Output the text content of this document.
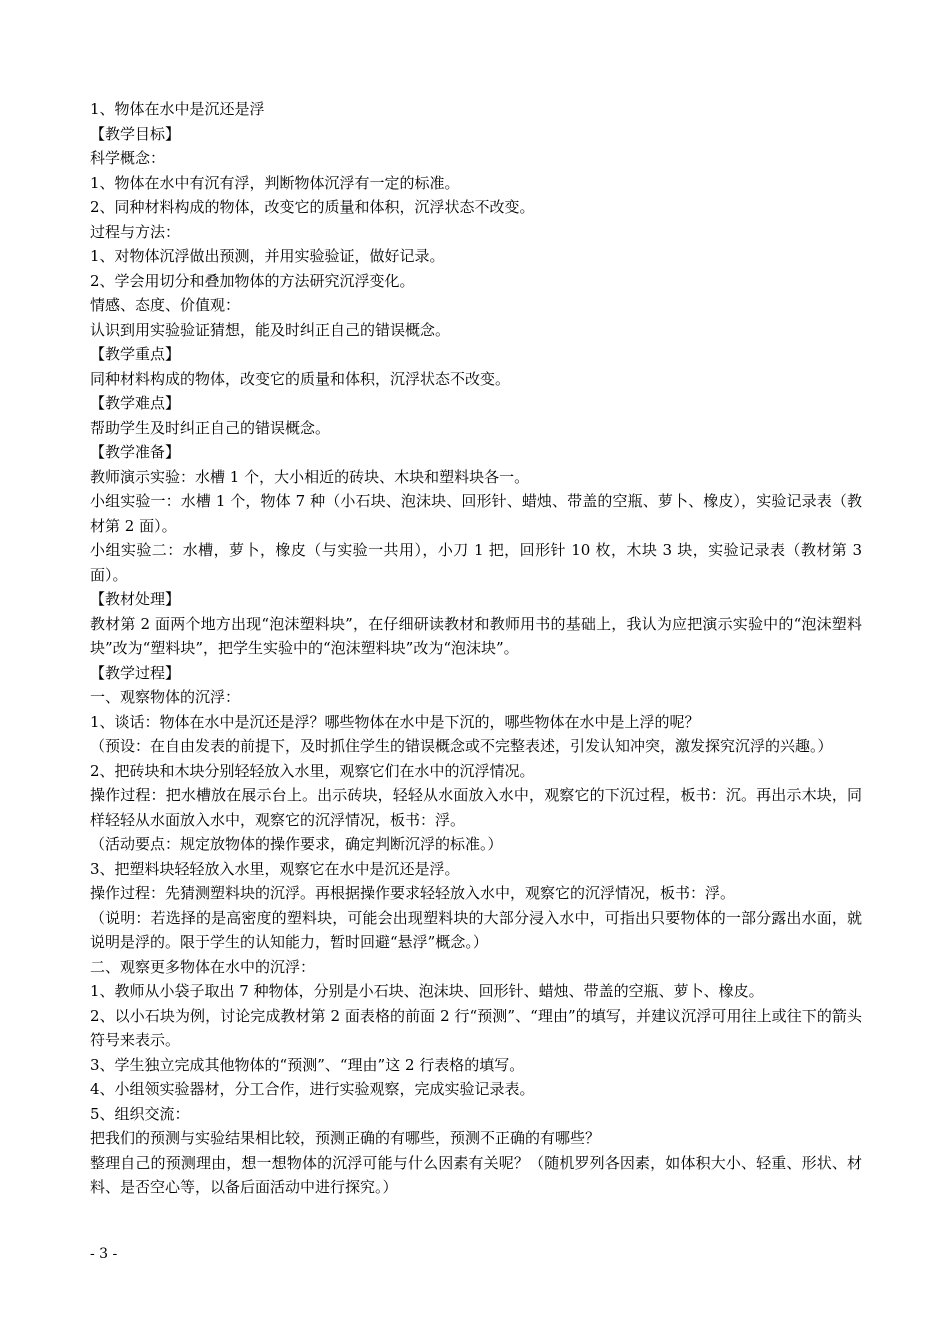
1、物体在水中是沉还是浮

【教学目标】

科学概念：

1、物体在水中有沉有浮，判断物体沉浮有一定的标准。

2、同种材料构成的物体，改变它的质量和体积，沉浮状态不改变。

过程与方法：

1、对物体沉浮做出预测，并用实验验证，做好记录。

2、学会用切分和叠加物体的方法研究沉浮变化。

情感、态度、价值观：

认识到用实验验证猜想，能及时纠正自己的错误概念。

【教学重点】

同种材料构成的物体，改变它的质量和体积，沉浮状态不改变。

【教学难点】

帮助学生及时纠正自己的错误概念。

【教学准备】

教师演示实验：水槽 1 个，大小相近的砖块、木块和塑料块各一。

小组实验一：水槽 1 个，物体 7 种（小石块、泡沫块、回形针、蜡烛、带盖的空瓶、萝卜、橡皮），实验记录表（教材第 2 面）。

小组实验二：水槽，萝卜，橡皮（与实验一共用），小刀 1 把，回形针 10 枚，木块 3 块，实验记录表（教材第 3 面）。

【教材处理】

教材第 2 面两个地方出现“泡沫塑料块”，在仔细研读教材和教师用书的基础上，我认为应把演示实验中的“泡沫塑料块”改为“塑料块”，把学生实验中的“泡沫塑料块”改为“泡沫块”。

【教学过程】

一、观察物体的沉浮：

1、谈话：物体在水中是沉还是浮？哪些物体在水中是下沉的，哪些物体在水中是上浮的呢？

（预设：在自由发表的前提下，及时抓住学生的错误概念或不完整表述，引发认知冲突，激发探究沉浮的兴趣。）

2、把砖块和木块分别轻轻放入水里，观察它们在水中的沉浮情况。

操作过程：把水槽放在展示台上。出示砖块，轻轻从水面放入水中，观察它的下沉过程，板书：沉。再出示木块，同样轻轻从水面放入水中，观察它的沉浮情况，板书：浮。

（活动要点：规定放物体的操作要求，确定判断沉浮的标准。）

3、把塑料块轻轻放入水里，观察它在水中是沉还是浮。

操作过程：先猜测塑料块的沉浮。再根据操作要求轻轻放入水中，观察它的沉浮情况，板书：浮。

（说明：若选择的是高密度的塑料块，可能会出现塑料块的大部分浸入水中，可指出只要物体的一部分露出水面，就说明是浮的。限于学生的认知能力，暂时回避“悬浮”概念。）

二、观察更多物体在水中的沉浮：

1、教师从小袋子取出 7 种物体，分别是小石块、泡沫块、回形针、蜡烛、带盖的空瓶、萝卜、橡皮。

2、以小石块为例，讨论完成教材第 2 面表格的前面 2 行“预测”、“理由”的填写，并建议沉浮可用往上或往下的箭头符号来表示。

3、学生独立完成其他物体的“预测”、“理由”这 2 行表格的填写。

4、小组领实验器材，分工合作，进行实验观察，完成实验记录表。

5、组织交流：

把我们的预测与实验结果相比较，预测正确的有哪些，预测不正确的有哪些？

整理自己的预测理由，想一想物体的沉浮可能与什么因素有关呢？（随机罗列各因素，如体积大小、轻重、形状、材料、是否空心等，以备后面活动中进行探究。）

- 3 -
